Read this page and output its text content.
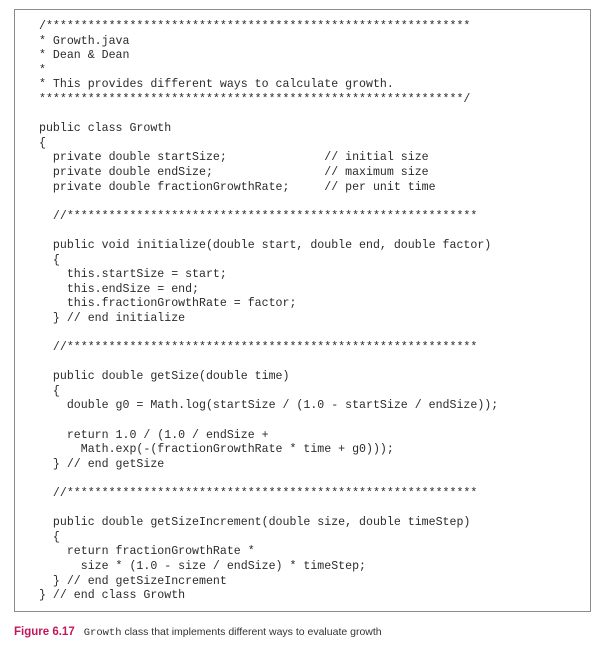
/*************************************************************
* Growth.java
* Dean & Dean
*
* This provides different ways to calculate growth.
*************************************************************/
public class Growth
{
private double startSize;              // initial size
private double endSize;                // maximum size
private double fractionGrowthRate;     // per unit time
//***********************************************************
public void initialize(double start, double end, double factor)
{
this.startSize = start;
this.endSize = end;
this.fractionGrowthRate = factor;
} // end initialize
//***********************************************************
public double getSize(double time)
{
double g0 = Math.log(startSize / (1.0 - startSize / endSize));
return 1.0 / (1.0 / endSize +
Math.exp(-(fractionGrowthRate * time + g0)));
} // end getSize
//***********************************************************
public double getSizeIncrement(double size, double timeStep)
{
return fractionGrowthRate *
size * (1.0 - size / endSize) * timeStep;
} // end getSizeIncrement
} // end class Growth
Figure 6.17 Growth class that implements different ways to evaluate growth
